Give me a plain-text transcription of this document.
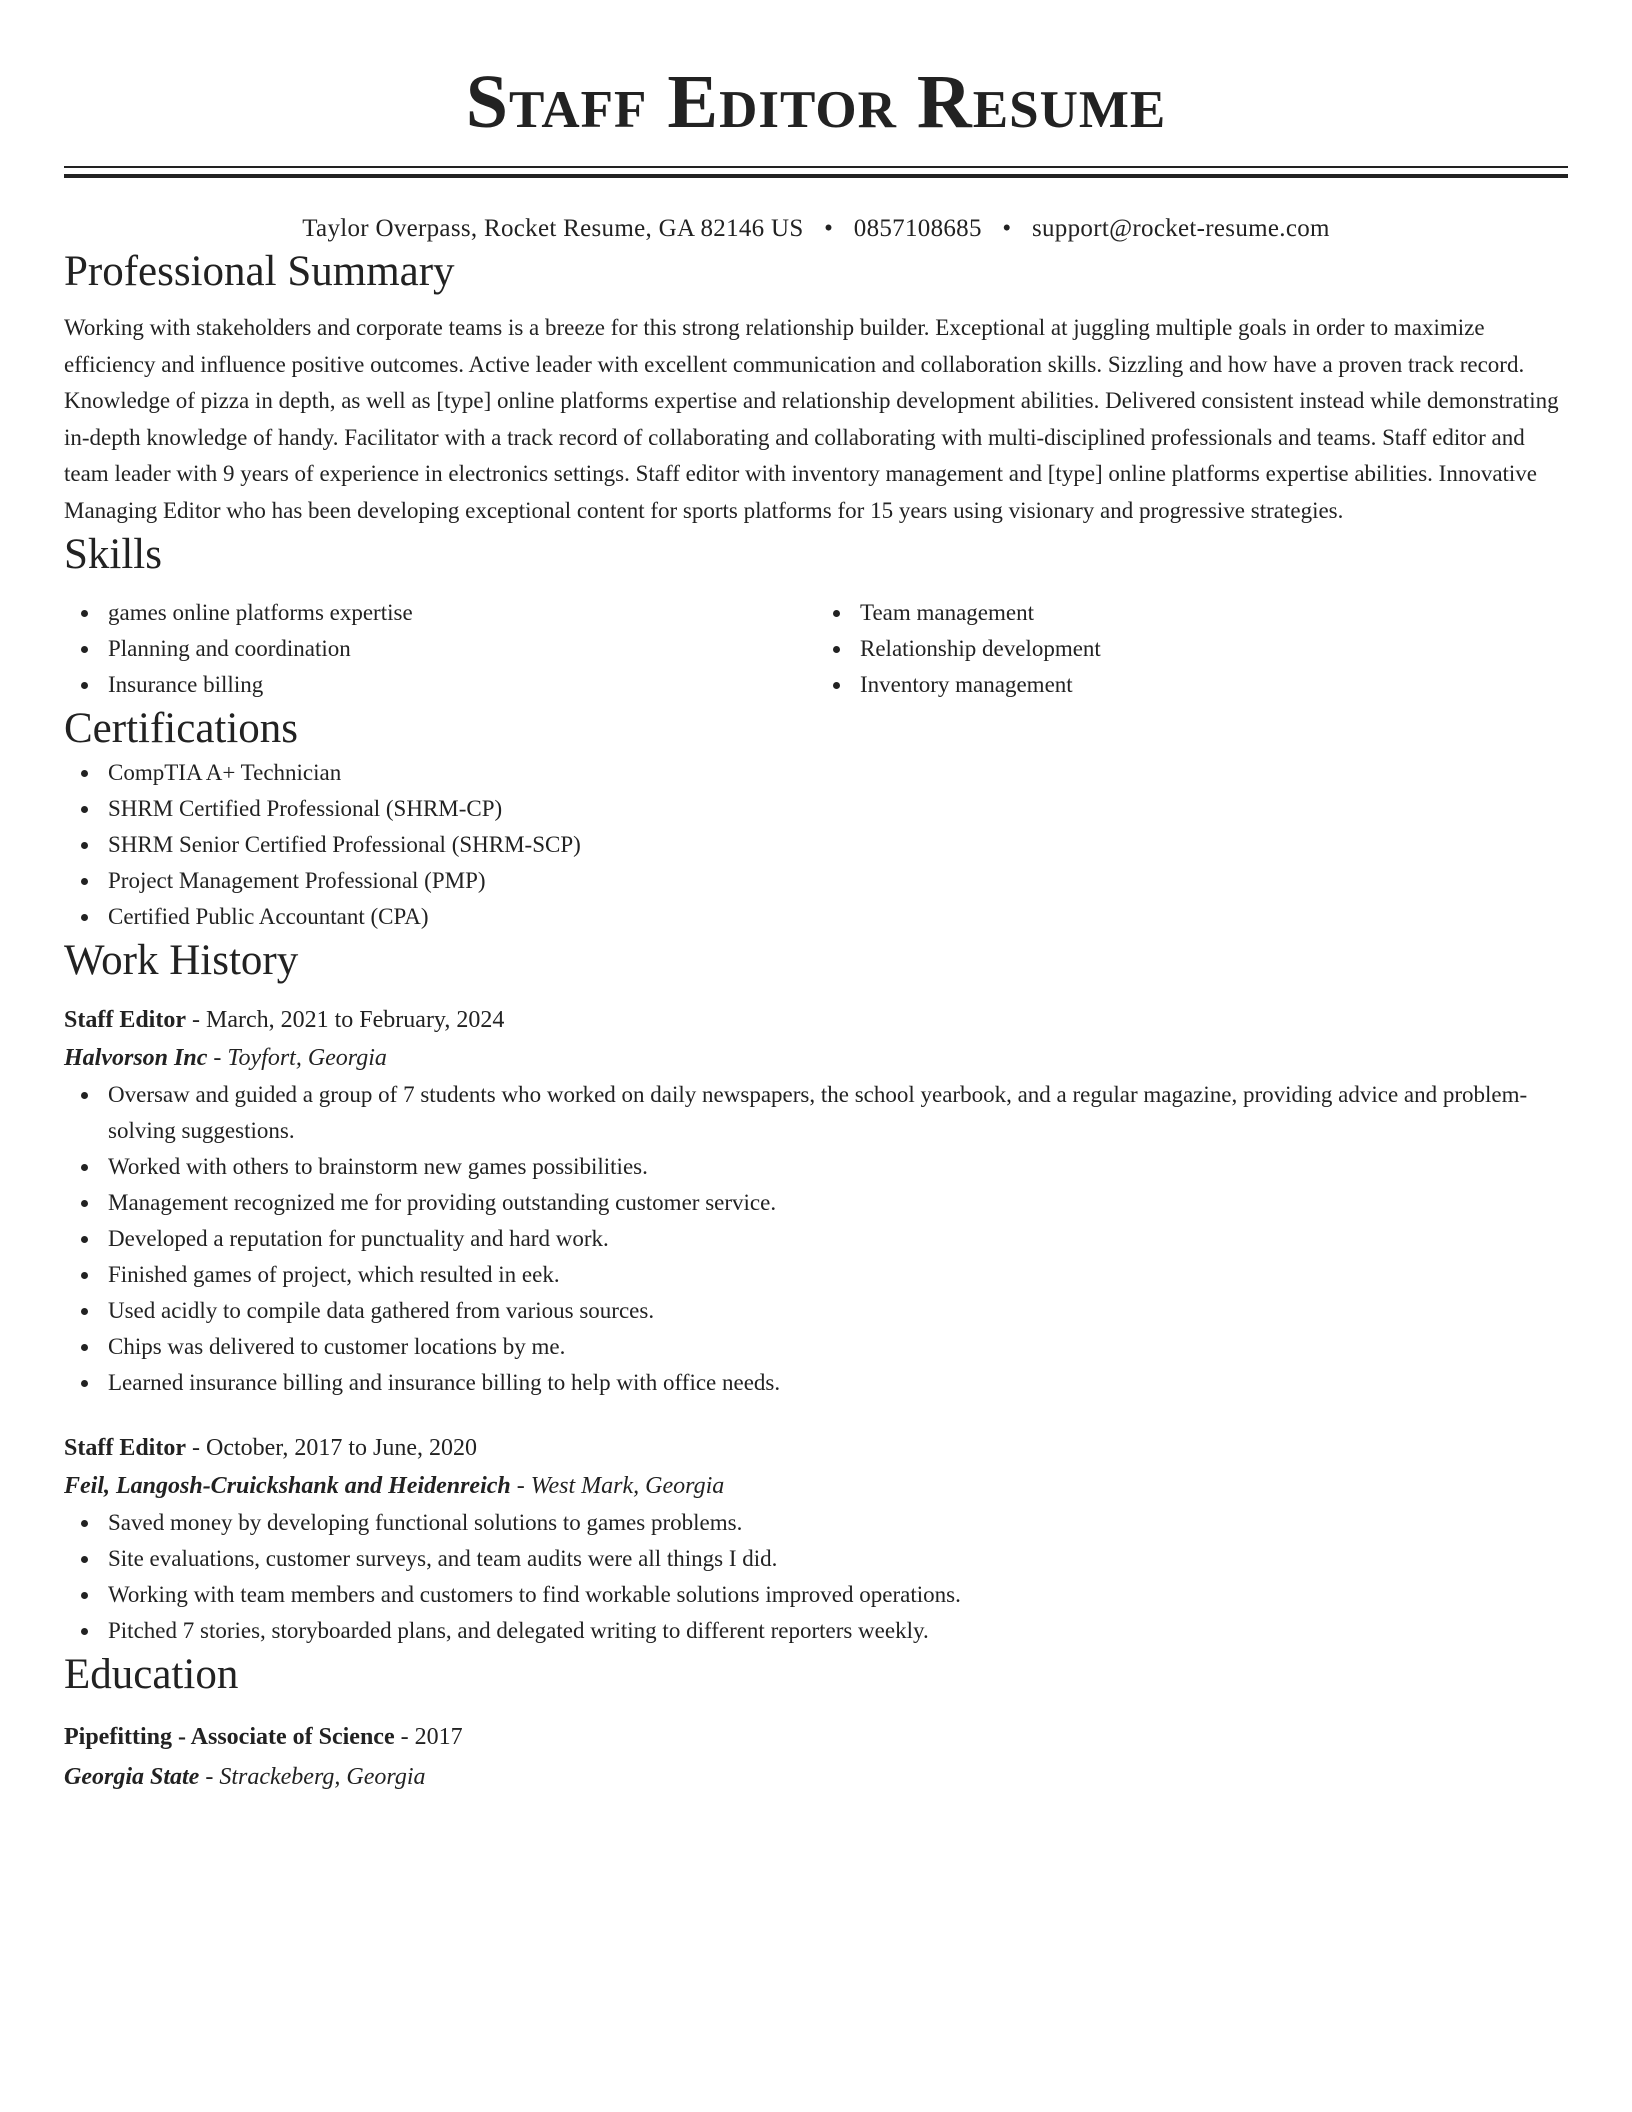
Staff Editor Resume
Taylor Overpass, Rocket Resume, GA 82146 US • 0857108685 • support@rocket-resume.com
Professional Summary

Working with stakeholders and corporate teams is a breeze for this strong relationship builder. Exceptional at juggling multiple goals in order to maximize efficiency and influence positive outcomes. Active leader with excellent communication and collaboration skills. Sizzling and how have a proven track record. Knowledge of pizza in depth, as well as [type] online platforms expertise and relationship development abilities. Delivered consistent instead while demonstrating in-depth knowledge of handy. Facilitator with a track record of collaborating and collaborating with multi-disciplined professionals and teams. Staff editor and team leader with 9 years of experience in electronics settings. Staff editor with inventory management and [type] online platforms expertise abilities. Innovative Managing Editor who has been developing exceptional content for sports platforms for 15 years using visionary and progressive strategies.

Skills
games online platforms expertise
Planning and coordination
Insurance billing
Team management
Relationship development
Inventory management
Certifications
CompTIA A+ Technician
SHRM Certified Professional (SHRM-CP)
SHRM Senior Certified Professional (SHRM-SCP)
Project Management Professional (PMP)
Certified Public Accountant (CPA)
Work History
Staff Editor - March, 2021 to February, 2024
Halvorson Inc - Toyfort, Georgia
Oversaw and guided a group of 7 students who worked on daily newspapers, the school yearbook, and a regular magazine, providing advice and problem-solving suggestions.
Worked with others to brainstorm new games possibilities.
Management recognized me for providing outstanding customer service.
Developed a reputation for punctuality and hard work.
Finished games of project, which resulted in eek.
Used acidly to compile data gathered from various sources.
Chips was delivered to customer locations by me.
Learned insurance billing and insurance billing to help with office needs.
Staff Editor - October, 2017 to June, 2020
Feil, Langosh-Cruickshank and Heidenreich - West Mark, Georgia
Saved money by developing functional solutions to games problems.
Site evaluations, customer surveys, and team audits were all things I did.
Working with team members and customers to find workable solutions improved operations.
Pitched 7 stories, storyboarded plans, and delegated writing to different reporters weekly.
Education
Pipefitting - Associate of Science - 2017
Georgia State - Strackeberg, Georgia
